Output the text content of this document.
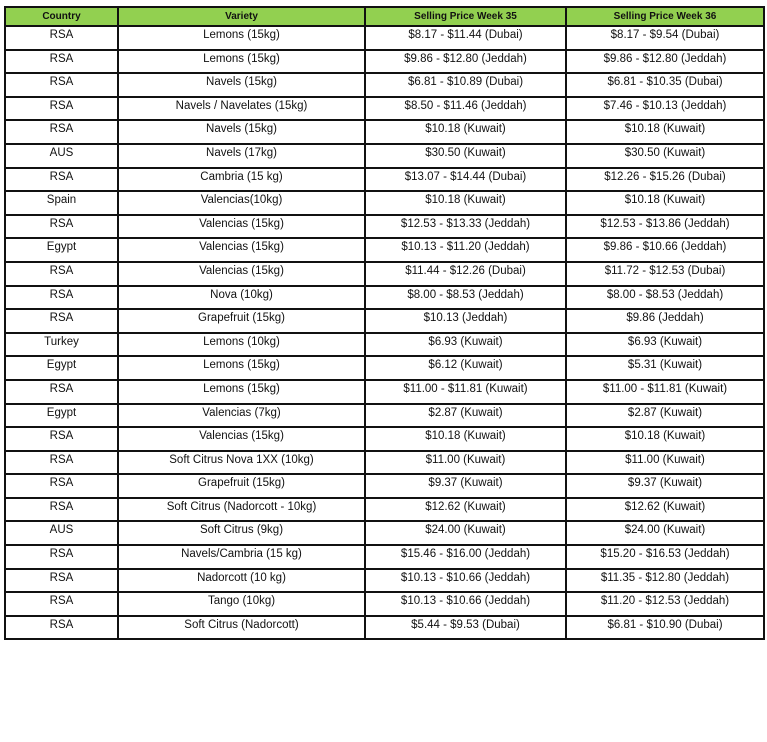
Country	Variety	Selling Price Week 35	Selling Price Week 36
RSA	Lemons (15kg)	$8.17 - $11.44 (Dubai)	$8.17 - $9.54 (Dubai)
RSA	Lemons (15kg)	$9.86 - $12.80 (Jeddah)	$9.86 - $12.80 (Jeddah)
RSA	Navels (15kg)	$6.81 - $10.89 (Dubai)	$6.81 - $10.35 (Dubai)
RSA	Navels / Navelates (15kg)	$8.50 - $11.46 (Jeddah)	$7.46 - $10.13 (Jeddah)
RSA	Navels (15kg)	$10.18 (Kuwait)	$10.18 (Kuwait)
AUS	Navels (17kg)	$30.50 (Kuwait)	$30.50 (Kuwait)
RSA	Cambria (15 kg)	$13.07 - $14.44 (Dubai)	$12.26 - $15.26 (Dubai)
Spain	Valencias(10kg)	$10.18 (Kuwait)	$10.18 (Kuwait)
RSA	Valencias (15kg)	$12.53 - $13.33 (Jeddah)	$12.53 - $13.86 (Jeddah)
Egypt	Valencias (15kg)	$10.13 - $11.20 (Jeddah)	$9.86 - $10.66 (Jeddah)
RSA	Valencias (15kg)	$11.44 - $12.26 (Dubai)	$11.72 - $12.53 (Dubai)
RSA	Nova (10kg)	$8.00 - $8.53 (Jeddah)	$8.00 - $8.53 (Jeddah)
RSA	Grapefruit (15kg)	$10.13 (Jeddah)	$9.86 (Jeddah)
Turkey	Lemons (10kg)	$6.93 (Kuwait)	$6.93 (Kuwait)
Egypt	Lemons (15kg)	$6.12 (Kuwait)	$5.31 (Kuwait)
RSA	Lemons (15kg)	$11.00 - $11.81 (Kuwait)	$11.00 - $11.81 (Kuwait)
Egypt	Valencias (7kg)	$2.87 (Kuwait)	$2.87 (Kuwait)
RSA	Valencias (15kg)	$10.18 (Kuwait)	$10.18 (Kuwait)
RSA	Soft Citrus Nova 1XX (10kg)	$11.00 (Kuwait)	$11.00 (Kuwait)
RSA	Grapefruit (15kg)	$9.37 (Kuwait)	$9.37 (Kuwait)
RSA	Soft Citrus (Nadorcott - 10kg)	$12.62 (Kuwait)	$12.62 (Kuwait)
AUS	Soft Citrus (9kg)	$24.00 (Kuwait)	$24.00 (Kuwait)
RSA	Navels/Cambria (15 kg)	$15.46 - $16.00 (Jeddah)	$15.20 - $16.53 (Jeddah)
RSA	Nadorcott (10 kg)	$10.13 - $10.66 (Jeddah)	$11.35 - $12.80 (Jeddah)
RSA	Tango (10kg)	$10.13 - $10.66 (Jeddah)	$11.20 - $12.53 (Jeddah)
RSA	Soft Citrus (Nadorcott)	$5.44 - $9.53 (Dubai)	$6.81 - $10.90 (Dubai)
